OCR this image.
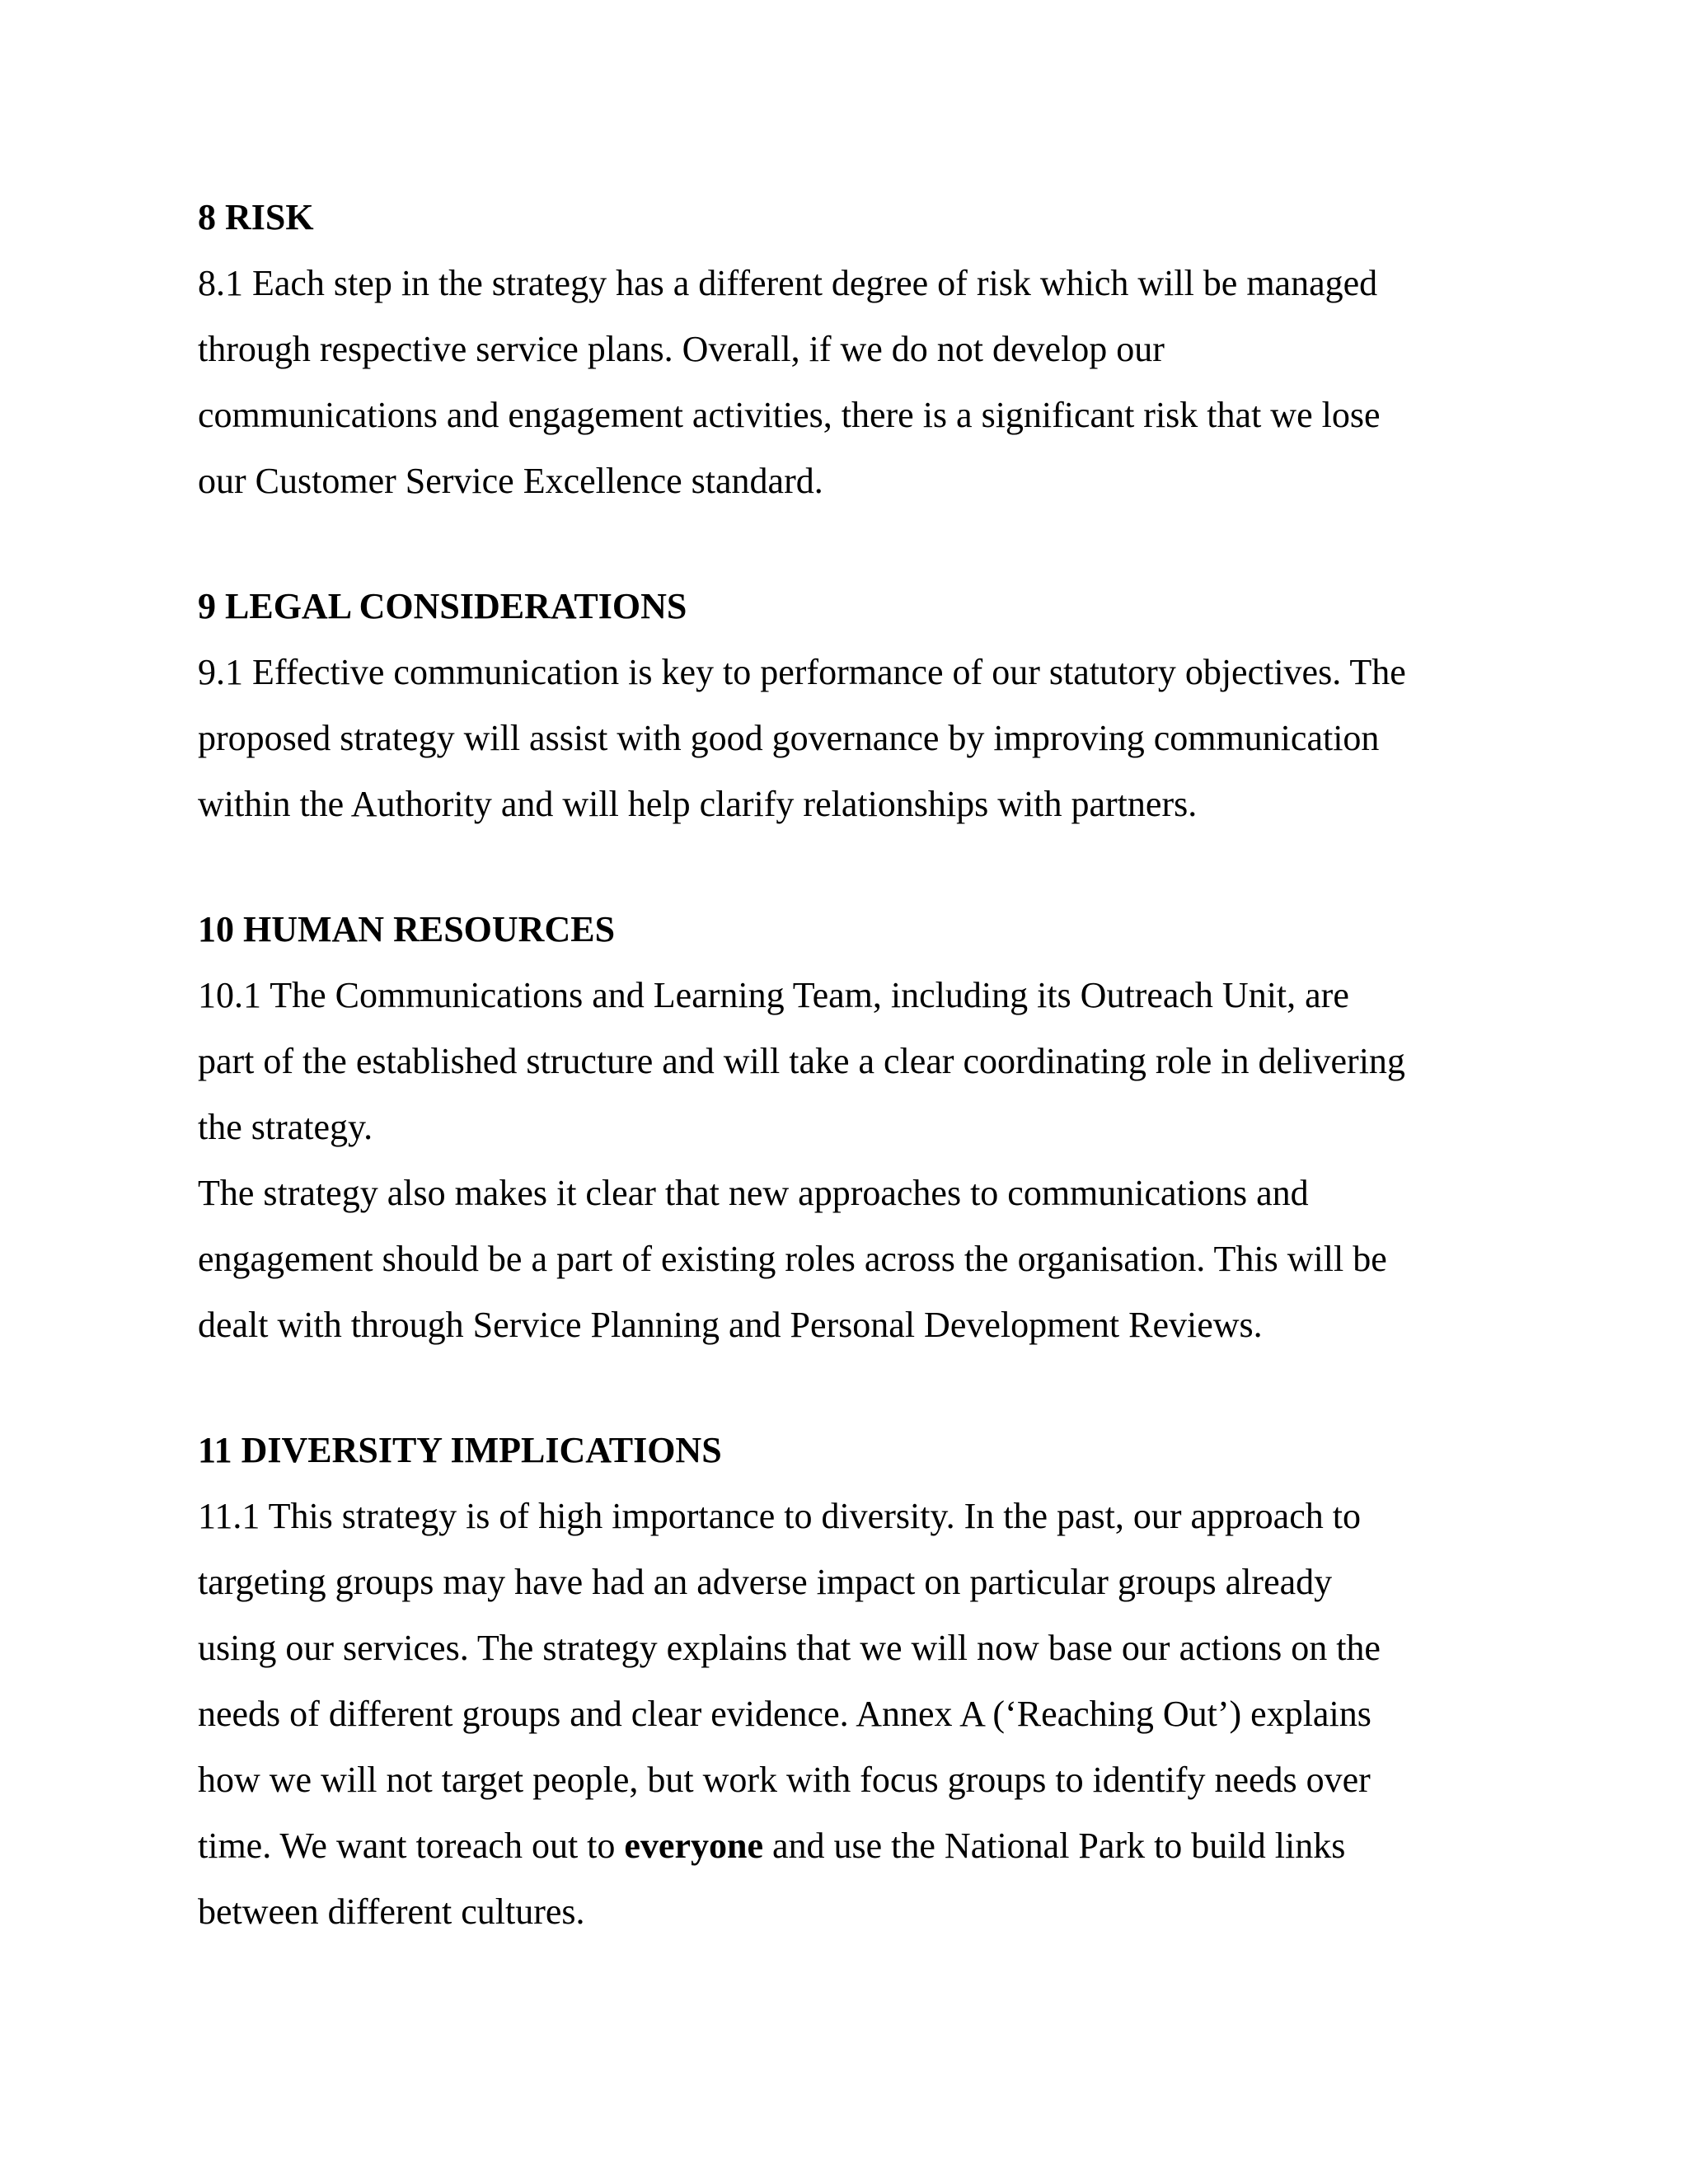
8 RISK
8.1 Each step in the strategy has a different degree of risk which will be managed
through respective service plans. Overall, if we do not develop our
communications and engagement activities, there is a significant risk that we lose
our Customer Service Excellence standard.
9 LEGAL CONSIDERATIONS
9.1 Effective communication is key to performance of our statutory objectives. The
proposed strategy will assist with good governance by improving communication
within the Authority and will help clarify relationships with partners.
10 HUMAN RESOURCES
10.1 The Communications and Learning Team, including its Outreach Unit, are
part of the established structure and will take a clear coordinating role in delivering
the strategy.
The strategy also makes it clear that new approaches to communications and
engagement should be a part of existing roles across the organisation. This will be
dealt with through Service Planning and Personal Development Reviews.
11 DIVERSITY IMPLICATIONS
11.1 This strategy is of high importance to diversity. In the past, our approach to
targeting groups may have had an adverse impact on particular groups already
using our services. The strategy explains that we will now base our actions on the
needs of different groups and clear evidence. Annex A (‘Reaching Out’) explains
how we will not target people, but work with focus groups to identify needs over
time. We want toreach out to everyone and use the National Park to build links
between different cultures.
